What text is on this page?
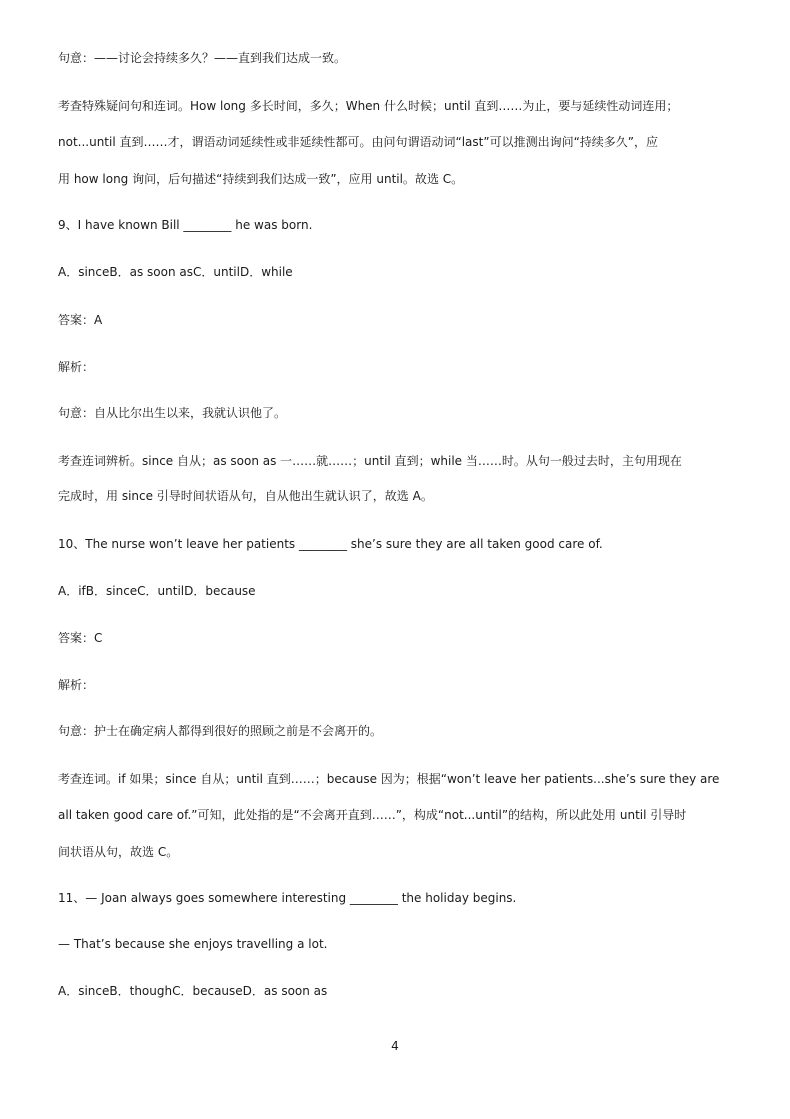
句意：——讨论会持续多久？——直到我们达成一致。
考查特殊疑问句和连词。How long 多长时间，多久；When 什么时候；until 直到……为止，要与延续性动词连用；
not...until 直到……才，谓语动词延续性或非延续性都可。由问句谓语动词“last”可以推测出询问“持续多久”，应
用 how long 询问，后句描述“持续到我们达成一致”，应用 until。故选 C。
9、I have known Bill ________ he was born.
A．sinceB．as soon asC．untilD．while
答案：A
解析：
句意：自从比尔出生以来，我就认识他了。
考查连词辨析。since 自从；as soon as 一……就……；until 直到；while 当……时。从句一般过去时，主句用现在
完成时，用 since 引导时间状语从句，自从他出生就认识了，故选 A。
10、The nurse won’t leave her patients ________ she’s sure they are all taken good care of.
A．ifB．sinceC．untilD．because
答案：C
解析：
句意：护士在确定病人都得到很好的照顾之前是不会离开的。
考查连词。if 如果；since 自从；until 直到……；because 因为；根据“won’t leave her patients...she’s sure they are
all taken good care of.”可知，此处指的是“不会离开直到……”，构成“not...until”的结构，所以此处用 until 引导时
间状语从句，故选 C。
11、— Joan always goes somewhere interesting ________ the holiday begins.
— That’s because she enjoys travelling a lot.
A．sinceB．thoughC．becauseD．as soon as
4
